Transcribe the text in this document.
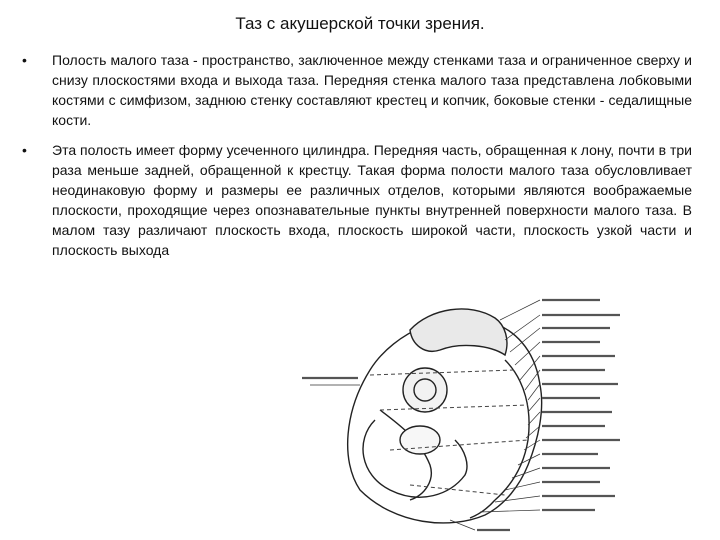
Таз с акушерской точки зрения.
• Полость малого таза - пространство, заключенное между стенками таза и ограниченное сверху и снизу плоскостями входа и выхода таза. Передняя стенка малого таза представлена лобковыми костями с симфизом, заднюю стенку составляют крестец и копчик, боковые стенки - седалищные кости.
• Эта полость имеет форму усеченного цилиндра. Передняя часть, обращенная к лону, почти в три раза меньше задней, обращенной к крестцу. Такая форма полости малого таза обусловливает неодинаковую форму и размеры ее различных отделов, которыми являются воображаемые плоскости, проходящие через опознавательные пункты внутренней поверхности малого таза. В малом тазу различают плоскость входа, плоскость широкой части, плоскость узкой части и плоскость выхода
